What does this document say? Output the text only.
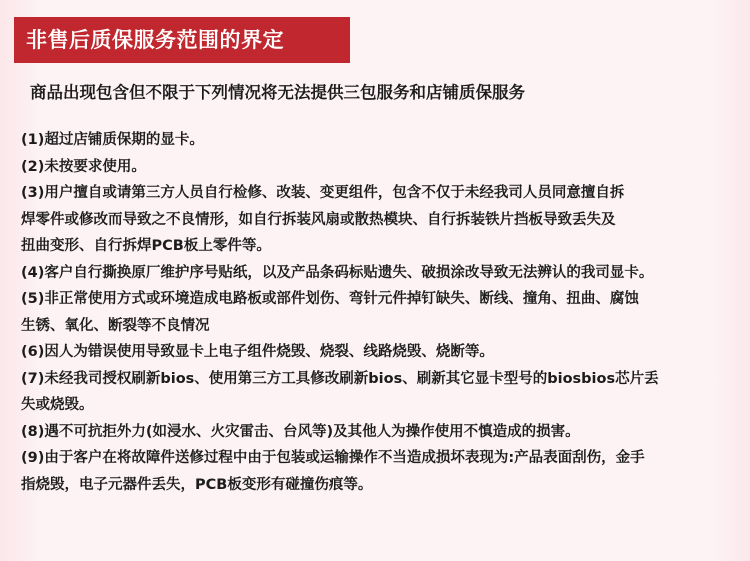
非售后质保服务范围的界定
商品出现包含但不限于下列情况将无法提供三包服务和店铺质保服务
(1)超过店铺质保期的显卡。
(2)未按要求使用。
(3)用户擅自或请第三方人员自行检修、改装、变更组件，包含不仅于未经我司人员同意擅自拆
焊零件或修改而导致之不良情形，如自行拆装风扇或散热模块、自行拆装铁片挡板导致丢失及
扭曲变形、自行拆焊PCB板上零件等。
(4)客户自行撕换原厂维护序号贴纸，以及产品条码标贴遗失、破损涂改导致无法辨认的我司显卡。
(5)非正常使用方式或环境造成电路板或部件划伤、弯针元件掉钉缺失、断线、撞角、扭曲、腐蚀
生锈、氧化、断裂等不良情况
(6)因人为错误使用导致显卡上电子组件烧毁、烧裂、线路烧毁、烧断等。
(7)未经我司授权刷新bios、使用第三方工具修改刷新bios、刷新其它显卡型号的biosbios芯片丢
失或烧毁。
(8)遇不可抗拒外力(如浸水、火灾雷击、台风等)及其他人为操作使用不慎造成的损害。
(9)由于客户在将故障件送修过程中由于包装或运输操作不当造成损坏表现为:产品表面刮伤，金手
指烧毁，电子元器件丢失，PCB板变形有碰撞伤痕等。
